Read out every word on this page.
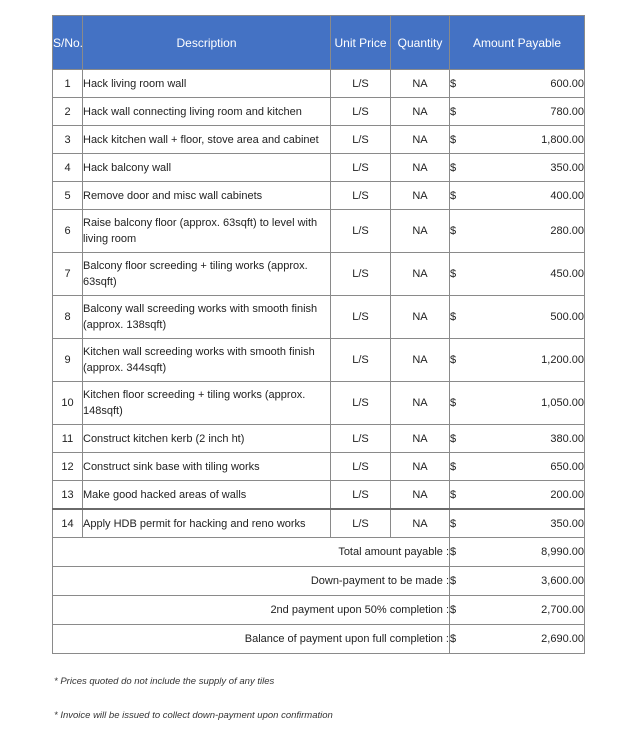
S/No.	Description	Unit Price	Quantity	Amount Payable
1	Hack living room wall	L/S	NA	$ 600.00

2	Hack wall connecting living room and kitchen	L/S	NA	$ 780.00

3	Hack kitchen wall + floor, stove area and cabinet	L/S	NA	$ 1,800.00

4	Hack balcony wall	L/S	NA	$ 350.00

5	Remove door and misc wall cabinets	L/S	NA	$ 400.00

6	Raise balcony floor (approx. 63sqft) to level with living room	L/S	NA	$ 280.00

7	Balcony floor screeding + tiling works (approx. 63sqft)	L/S	NA	$ 450.00

8	Balcony wall screeding works with smooth finish (approx. 138sqft)	L/S	NA	$ 500.00

9	Kitchen wall screeding works with smooth finish (approx. 344sqft)	L/S	NA	$ 1,200.00

10	Kitchen floor screeding + tiling works (approx. 148sqft)	L/S	NA	$ 1,050.00

11	Construct kitchen kerb (2 inch ht)	L/S	NA	$ 380.00

12	Construct sink base with tiling works	L/S	NA	$ 650.00

13	Make good hacked areas of walls	L/S	NA	$ 200.00

14	Apply HDB permit for hacking and reno works	L/S	NA	$ 350.00

Total amount payable :				$ 8,990.00

Down-payment to be made :				$ 3,600.00

2nd payment upon 50% completion :				$ 2,700.00

Balance of payment upon full completion :				$ 2,690.00
* Prices quoted do not include the supply of any tiles
* Invoice will be issued to collect down-payment upon confirmation
